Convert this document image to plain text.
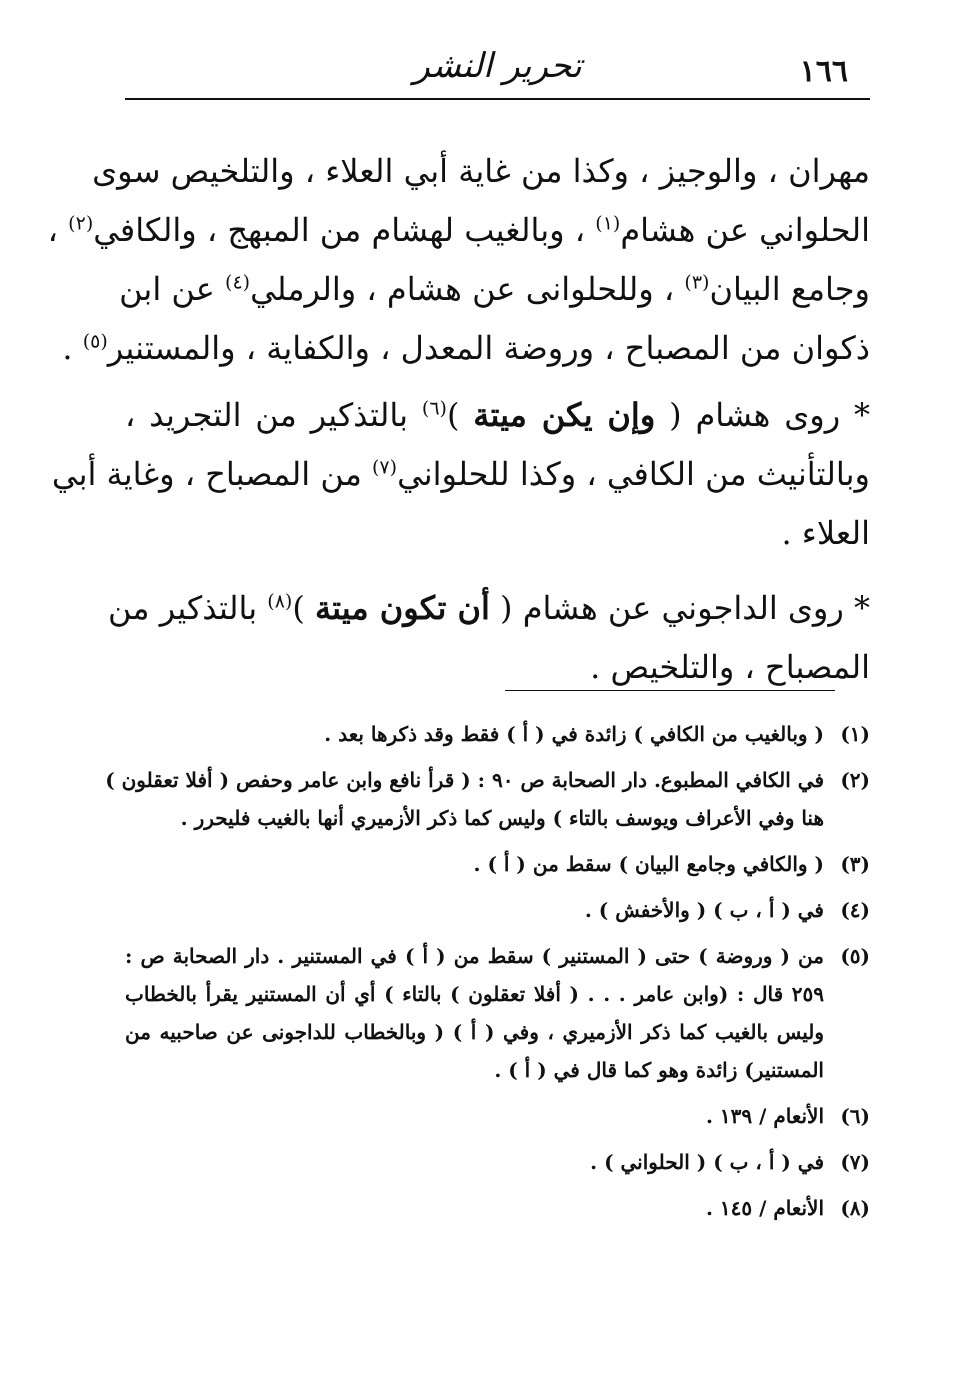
١٦٦
تحرير النشر
مهران ، والوجيز ، وكذا من غاية أبي العلاء ، والتلخيص سوى
الحلواني عن هشام$^{(١)}$ ، وبالغيب لهشام من المبهج ، والكافي$^{(٢)}$ ،
وجامع البيان$^{(٣)}$ ، وللحلوانى عن هشام ، والرملي$^{(٤)}$ عن ابن
ذكوان من المصباح ، وروضة المعدل ، والكفاية ، والمستنير$^{(٥)}$ .
* روى هشام ( وإن يكن ميتة )$^{(٦)}$ بالتذكير من التجريد ،
وبالتأنيث من الكافي ، وكذا للحلواني$^{(٧)}$ من المصباح ، وغاية أبي
العلاء .
* روى الداجوني عن هشام ( أن تكون ميتة )$^{(٨)}$ بالتذكير من
المصباح ، والتلخيص .
(١)
( وبالغيب من الكافي ) زائدة في ( أ ) فقط وقد ذكرها بعد .
(٢)
في الكافي المطبوع. دار الصحابة ص ٩٠ : ( قرأ نافع وابن عامر وحفص ( أفلا تعقلون )
هنا وفي الأعراف ويوسف بالتاء ) وليس كما ذكر الأزميري أنها بالغيب فليحرر .
(٣)
( والكافي وجامع البيان ) سقط من ( أ ) .
(٤)
في ( أ ، ب ) ( والأخفش ) .
(٥)
من ( وروضة ) حتى ( المستنير ) سقط من ( أ ) في المستنير . دار الصحابة ص :
٢٥٩ قال : (وابن عامر . . . ( أفلا تعقلون ) بالتاء ) أي أن المستنير يقرأ بالخطاب
وليس بالغيب كما ذكر الأزميري ، وفي ( أ ) ( وبالخطاب للداجونى عن صاحبيه من
المستنير) زائدة وهو كما قال في ( أ ) .
(٦)
الأنعام / ١٣٩ .
(٧)
في ( أ ، ب ) ( الحلواني ) .
(٨)
الأنعام / ١٤٥ .
